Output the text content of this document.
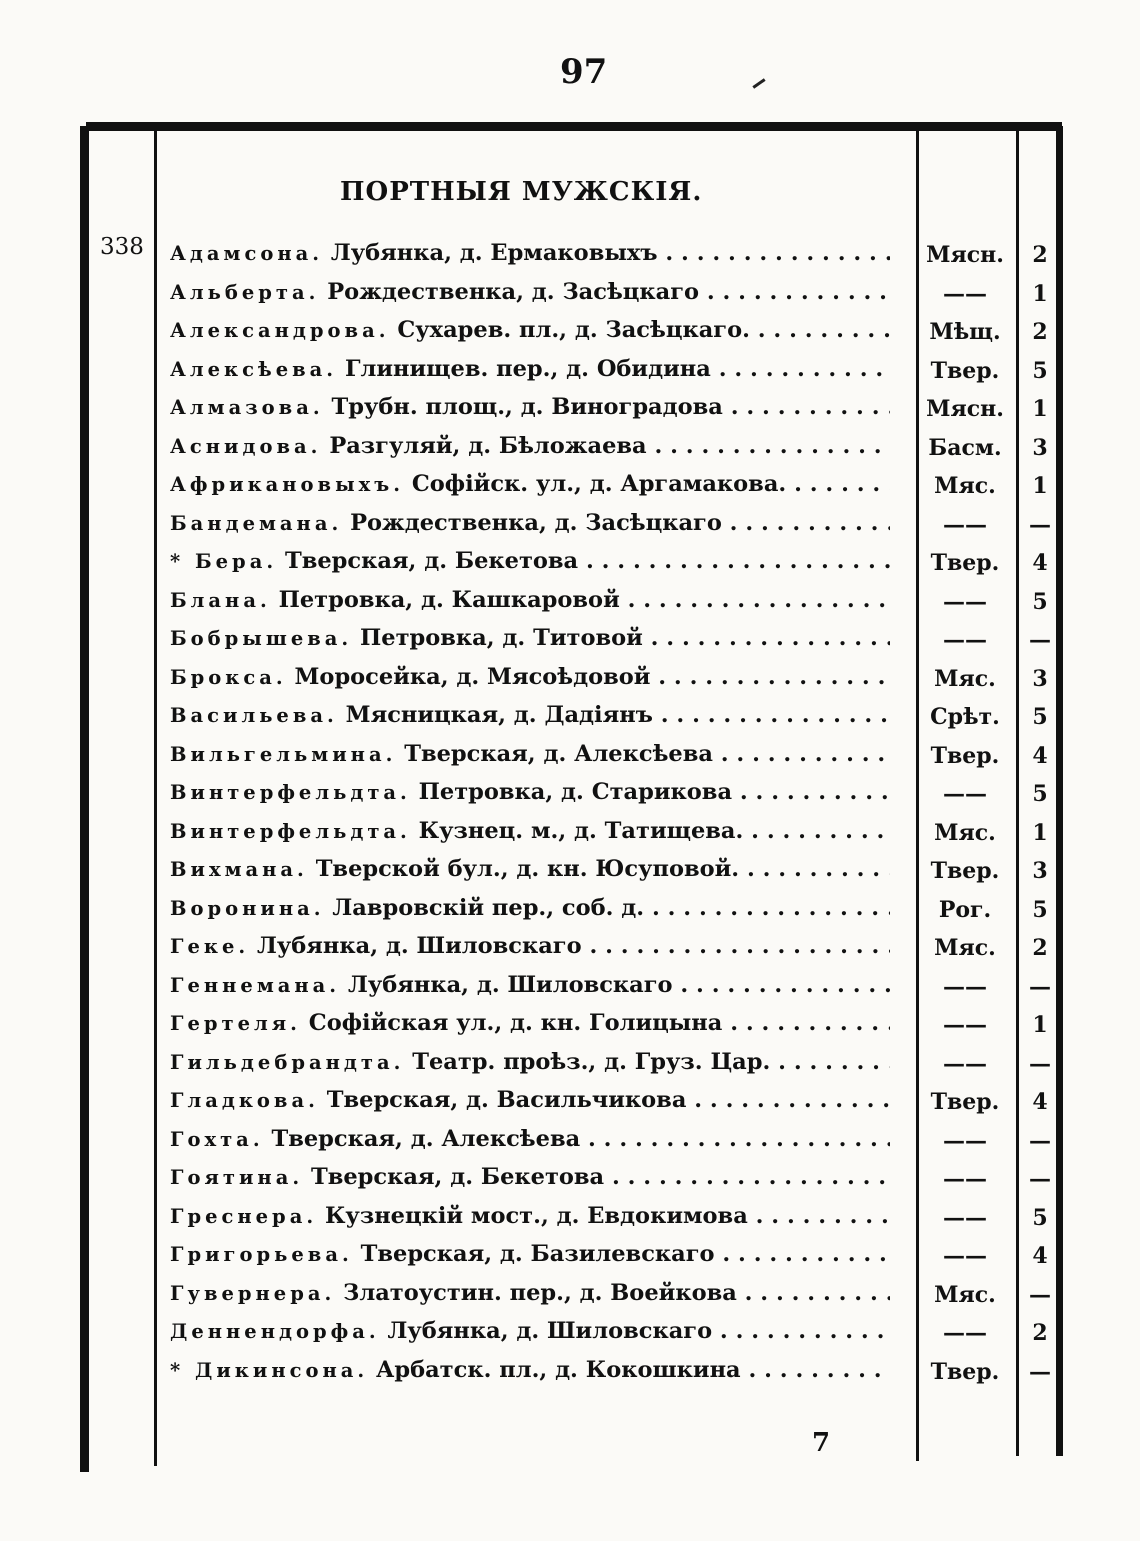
97
ПОРТНЫЯ МУЖСКІЯ.
338 Адамсона. Лубянка, д. Ермаковыхъ . . .	Мясн.	2
Альберта. Рождественка, д. Засѣцкаго . . .	——	1
Александрова. Сухарев. пл., д. Засѣцкаго. . . .	Мѣщ.	2
Алексѣева. Глинищев. пер., д. Обидина . . .	Твер.	5
Алмазова. Трубн. площ., д. Виноградова . . .	Мясн.	1
Аснидова. Разгуляй, д. Бѣложаева . . .	Басм.	3
Африкановыхъ. Софійск. ул., д. Аргамакова. . . .	Мяс.	1
Бандемана. Рождественка, д. Засѣцкаго . . .	——	—
* Бера. Тверская, д. Бекетова . . .	Твер.	4
Блана. Петровка, д. Кашкаровой . . .	——	5
Бобрышева. Петровка, д. Титовой . . .	——	—
Брокса. Моросейка, д. Мясоѣдовой . . .	Мяс.	3
Васильева. Мясницкая, д. Дадіянъ . . .	Срѣт.	5
Вильгельмина. Тверская, д. Алексѣева . . .	Твер.	4
Винтерфельдта. Петровка, д. Старикова . . .	——	5
Винтерфельдта. Кузнец. м., д. Татищева. . . .	Мяс.	1
Вихмана. Тверской бул., д. кн. Юсуповой. . . .	Твер.	3
Воронина. Лавровскій пер., соб. д. . . .	Рог.	5
Геке. Лубянка, д. Шиловскаго . . .	Мяс.	2
Геннемана. Лубянка, д. Шиловскаго . . .	——	—
Гертеля. Софійская ул., д. кн. Голицына . . .	——	1
Гильдебрандта. Театр. проѣз., д. Груз. Цар. . . .	——	—
Гладкова. Тверская, д. Васильчикова . . .	Твер.	4
Гохта. Тверская, д. Алексѣева . . .	——	—
Гоятина. Тверская, д. Бекетова . . .	——	—
Греснера. Кузнецкій мост., д. Евдокимова . . .	——	5
Григорьева. Тверская, д. Базилевскаго . . .	——	4
Гувернера. Златоустин. пер., д. Воейкова . . .	Мяс.	—
Деннендорфа. Лубянка, д. Шиловскаго . . .	——	2
* Дикинсона. Арбатск. пл., д. Кокошкина . . .	Твер.	—
7
